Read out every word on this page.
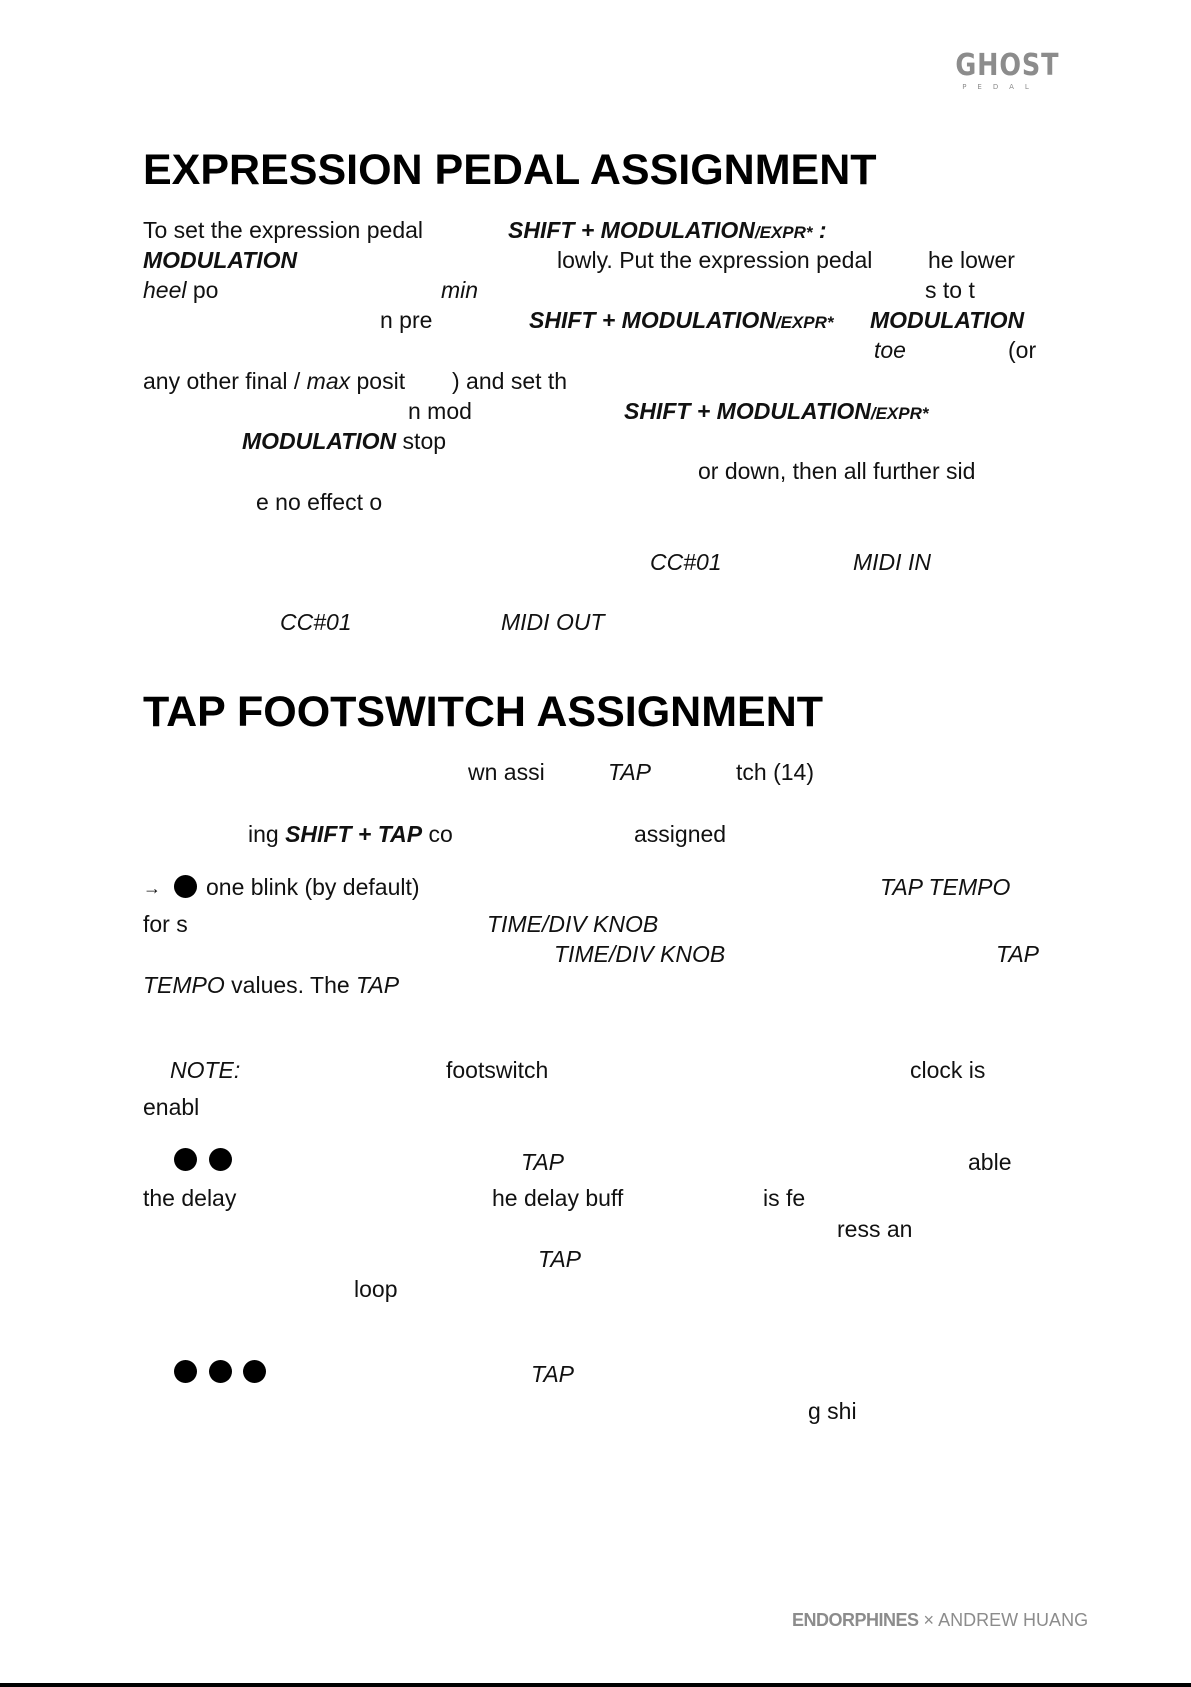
GHOST
PEDAL
EXPRESSION PEDAL ASSIGNMENT
To set the expression pedal	SHIFT + MODULATION/EXPR* :
MODULATION	lowly. Put the expression pedal he lower
heel po	min	s to t
n pre	SHIFT + MODULATION/EXPR* MODULATION
toe	(or
any other final / max posit ) and set th
n mod	SHIFT + MODULATION/EXPR*
MODULATION stop
or down, then all further sid
e no effect o
CC#01	MIDI IN
CC#01	MIDI OUT
TAP FOOTSWITCH ASSIGNMENT
wn assi	TAP	tch (14)
ing SHIFT + TAP co	assigned
→ one blink (by default)	TAP TEMPO
for s	TIME/DIV KNOB
TIME/DIV KNOB	TAP
TEMPO values. The TAP
NOTE:	footswitch	clock is
enabl
TAP	able
the delay	he delay buff	is fe
ress an
TAP
loop
TAP
g shi
ENDORPHINES × ANDREW HUANG
